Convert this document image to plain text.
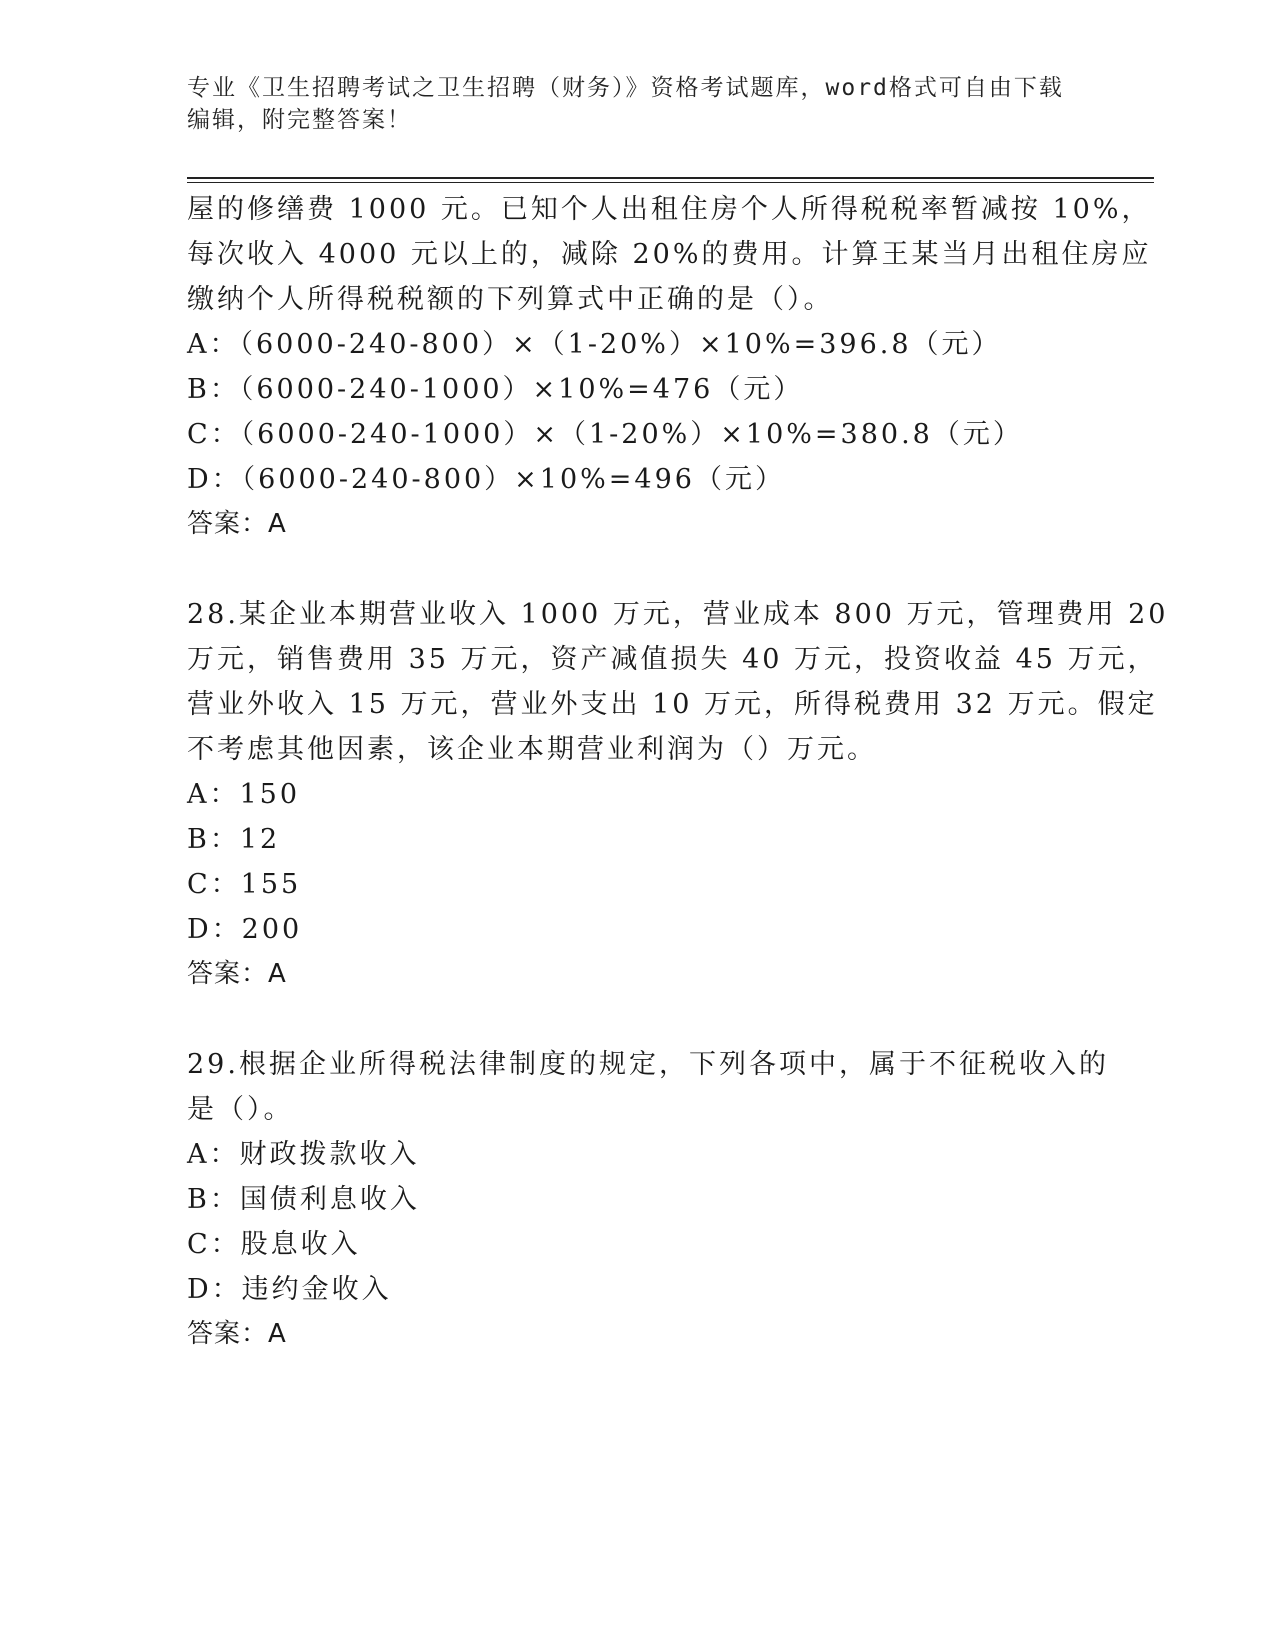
专业《卫生招聘考试之卫生招聘（财务）》资格考试题库，word格式可自由下载
编辑，附完整答案！
屋的修缮费 1000 元。已知个人出租住房个人所得税税率暂减按 10%，
每次收入 4000 元以上的，减除 20%的费用。计算王某当月出租住房应
缴纳个人所得税税额的下列算式中正确的是（）。
A：（6000-240-800）×（1-20%）×10%=396.8（元）
B：（6000-240-1000）×10%=476（元）
C：（6000-240-1000）×（1-20%）×10%=380.8（元）
D：（6000-240-800）×10%=496（元）
答案：A
28.某企业本期营业收入 1000 万元，营业成本 800 万元，管理费用 20
万元，销售费用 35 万元，资产减值损失 40 万元，投资收益 45 万元，
营业外收入 15 万元，营业外支出 10 万元，所得税费用 32 万元。假定
不考虑其他因素，该企业本期营业利润为（）万元。
A：150
B：12
C：155
D：200
答案：A
29.根据企业所得税法律制度的规定，下列各项中，属于不征税收入的
是（）。
A：财政拨款收入
B：国债利息收入
C：股息收入
D：违约金收入
答案：A
